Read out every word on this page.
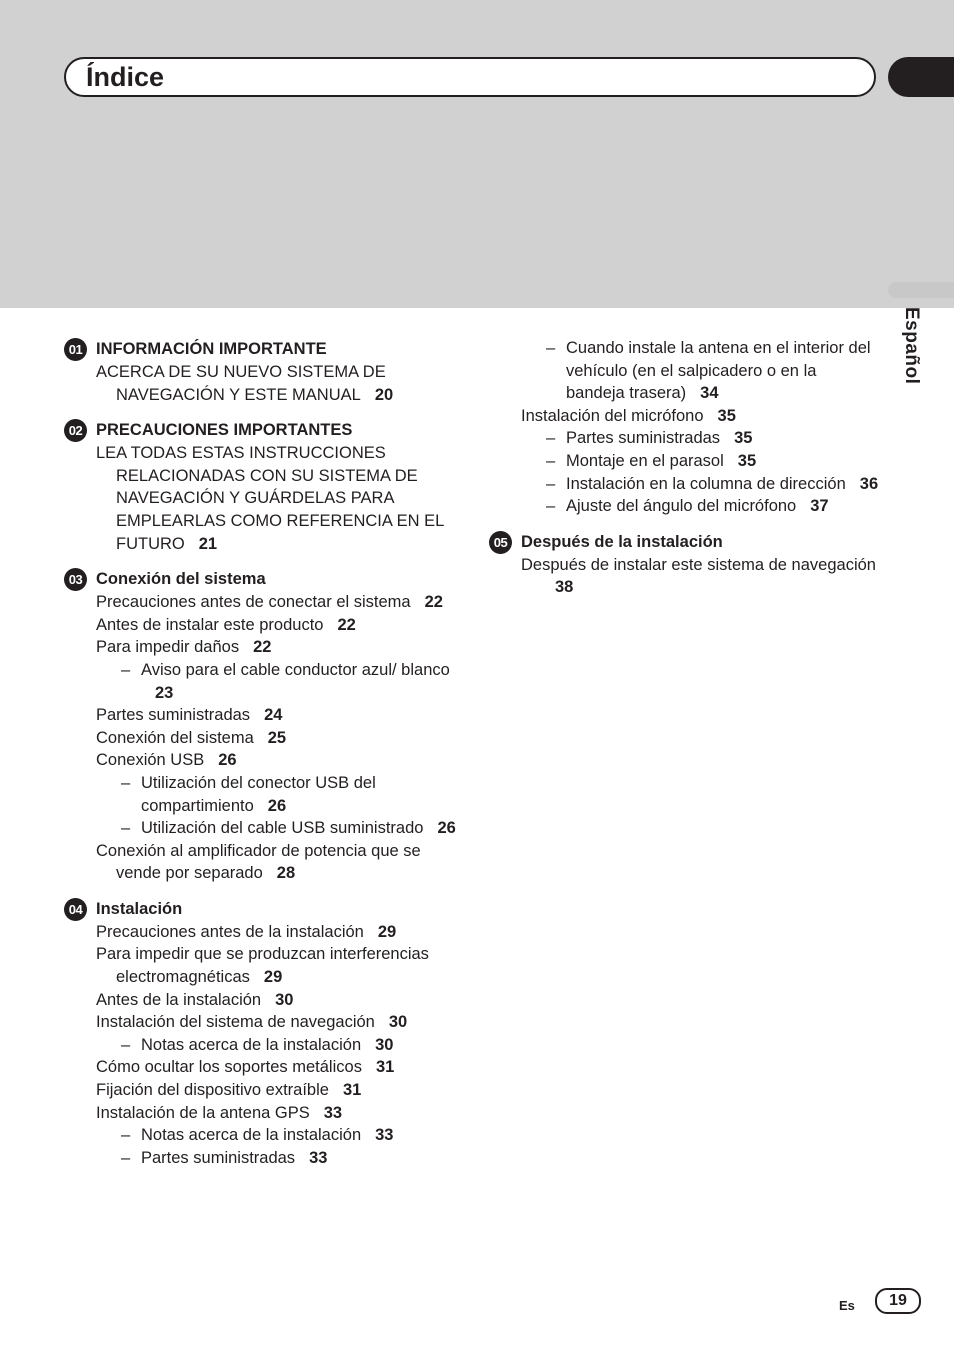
Índice
Español
01 INFORMACIÓN IMPORTANTE
ACERCA DE SU NUEVO SISTEMA DE NAVEGACIÓN Y ESTE MANUAL 20
02 PRECAUCIONES IMPORTANTES
LEA TODAS ESTAS INSTRUCCIONES RELACIONADAS CON SU SISTEMA DE NAVEGACIÓN Y GUÁRDELAS PARA EMPLEARLAS COMO REFERENCIA EN EL FUTURO 21
03 Conexión del sistema
Precauciones antes de conectar el sistema 22
Antes de instalar este producto 22
Para impedir daños 22
– Aviso para el cable conductor azul/ blanco23
Partes suministradas 24
Conexión del sistema 25
Conexión USB 26
– Utilización del conector USB del compartimiento 26
– Utilización del cable USB suministrado 26
Conexión al amplificador de potencia que se vende por separado 28
04 Instalación
Precauciones antes de la instalación 29
Para impedir que se produzcan interferencias electromagnéticas 29
Antes de la instalación 30
Instalación del sistema de navegación 30
– Notas acerca de la instalación 30
Cómo ocultar los soportes metálicos 31
Fijación del dispositivo extraíble 31
Instalación de la antena GPS 33
– Notas acerca de la instalación 33
– Partes suministradas 33
– Cuando instale la antena en el interior del vehículo (en el salpicadero o en la bandeja trasera) 34
Instalación del micrófono 35
– Partes suministradas 35
– Montaje en el parasol 35
– Instalación en la columna de dirección 36
– Ajuste del ángulo del micrófono 37
05 Después de la instalación
Después de instalar este sistema de navegación38
Es	19
